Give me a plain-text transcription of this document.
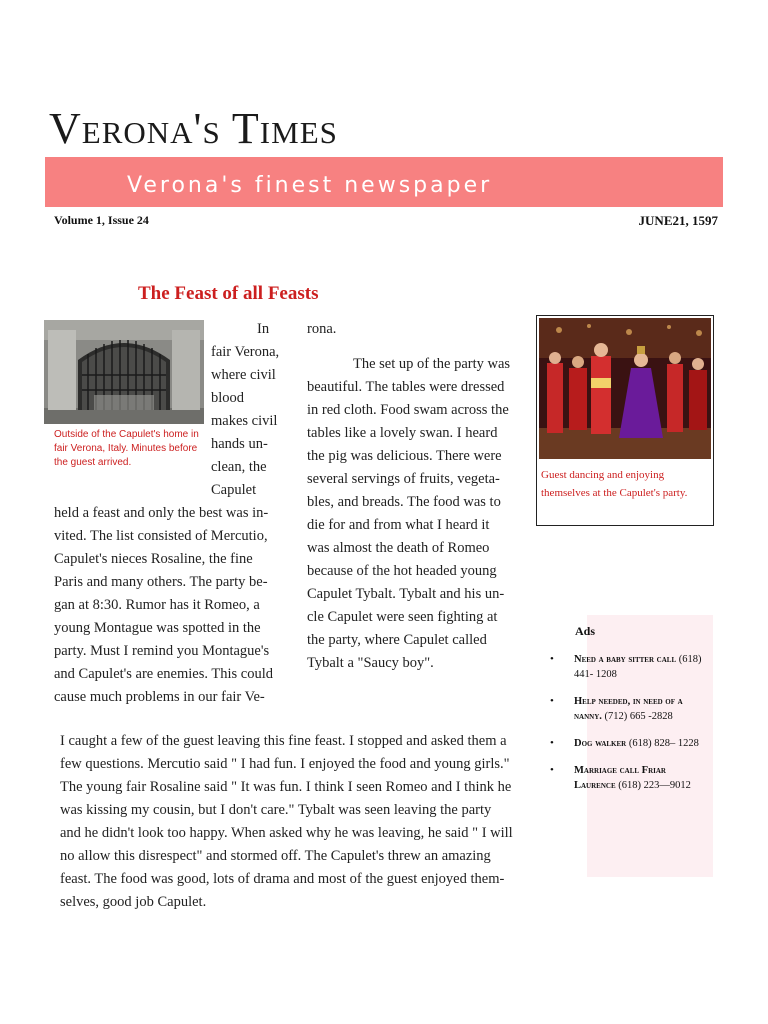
Verona's Times
Verona's finest newspaper
Volume 1, Issue 24	JUNE21, 1597
The Feast of all Feasts
Outside of the Capulet's home in fair Verona, Italy. Minutes before the guest arrived.
In
fair Verona,
where civil
blood
makes civil
hands un-
clean, the
Capulet
held a feast and only the best was in-
vited. The list consisted of Mercutio,
Capulet's nieces Rosaline, the fine
Paris and many others. The party be-
gan at 8:30. Rumor has it Romeo, a
young Montague was spotted in the
party. Must I remind you Montague's
and Capulet's are enemies. This could
cause much problems in our fair Ve-
rona.
The set up of the party was
beautiful. The tables were dressed
in red cloth. Food swam across the
tables like a lovely swan. I heard
the pig was delicious. There were
several servings of fruits, vegeta-
bles, and breads. The food was to
die for and from what I heard it
was almost the death of Romeo
because of the hot headed young
Capulet Tybalt. Tybalt and his un-
cle Capulet were seen fighting at
the party, where Capulet called
Tybalt a "Saucy boy".
Guest dancing and enjoying themselves at the Capulet's party.
Ads
• Need a baby sitter call (618) 441- 1208
• Help needed, in need of a nanny. (712) 665 -2828
• Dog walker (618) 828– 1228
• Marriage call Friar Laurence (618) 223—9012
I caught a few of the guest leaving this fine feast. I stopped and asked them a
few questions. Mercutio said " I had fun. I enjoyed the food and young girls."
The young fair Rosaline said " It was fun. I think I seen Romeo and I think he
was kissing my cousin, but I don't care." Tybalt was seen leaving the party
and he didn't look too happy. When asked why he was leaving, he said " I will
no allow this disrespect" and stormed off. The Capulet's threw an amazing
feast. The food was good, lots of drama and most of the guest enjoyed them-
selves, good job Capulet.
